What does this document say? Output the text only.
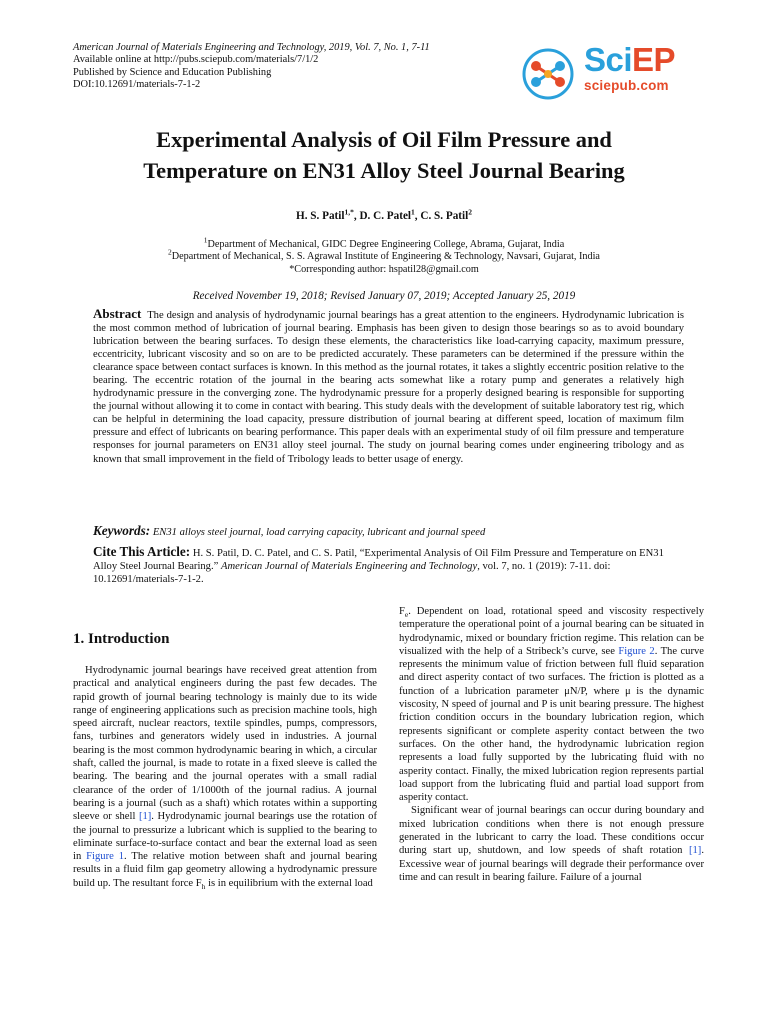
American Journal of Materials Engineering and Technology, 2019, Vol. 7, No. 1, 7-11
Available online at http://pubs.sciepub.com/materials/7/1/2
Published by Science and Education Publishing
DOI:10.12691/materials-7-1-2
SciEP
sciepub.com
Experimental Analysis of Oil Film Pressure and
Temperature on EN31 Alloy Steel Journal Bearing
H. S. Patil$^{1,*}$, D. C. Patel$^1$, C. S. Patil$^2$
$^1$Department of Mechanical, GIDC Degree Engineering College, Abrama, Gujarat, India
$^2$Department of Mechanical, S. S. Agrawal Institute of Engineering & Technology, Navsari, Gujarat, India
*Corresponding author: hspatil28@gmail.com
Received November 19, 2018; Revised January 07, 2019; Accepted January 25, 2019
Abstract The design and analysis of hydrodynamic journal bearings has a great attention to the engineers. Hydrodynamic lubrication is the most common method of lubrication of journal bearing. Emphasis has been given to design those bearings so as to avoid boundary lubrication between the bearing surfaces. To design these elements, the characteristics like load-carrying capacity, maximum pressure, eccentricity, lubricant viscosity and so on are to be predicted accurately. These parameters can be determined if the pressure within the clearance space between contact surfaces is known. In this method as the journal rotates, it takes a slightly eccentric position relative to the bearing. The eccentric rotation of the journal in the bearing acts somewhat like a rotary pump and generates a relatively high hydrodynamic pressure in the converging zone. The hydrodynamic pressure for a properly designed bearing is responsible for supporting the journal without allowing it to come in contact with bearing. This study deals with the development of suitable laboratory test rig, which can be helpful in determining the load capacity, pressure distribution of journal bearing at different speed, location of maximum film pressure and effect of lubricants on bearing performance. This paper deals with an experimental study of oil film pressure and temperature responses for journal parameters on EN31 alloy steel journal. The study on journal bearing comes under engineering tribology and as known that small improvement in the field of Tribology leads to better usage of energy.
Keywords: EN31 alloys steel journal, load carrying capacity, lubricant and journal speed
Cite This Article: H. S. Patil, D. C. Patel, and C. S. Patil, “Experimental Analysis of Oil Film Pressure and Temperature on EN31 Alloy Steel Journal Bearing.” American Journal of Materials Engineering and Technology, vol. 7, no. 1 (2019): 7-11. doi: 10.12691/materials-7-1-2.
1. Introduction

Hydrodynamic journal bearings have received great attention from practical and analytical engineers during the past few decades. The rapid growth of journal bearing technology is mainly due to its wide range of engineering applications such as precision machine tools, high speed aircraft, nuclear reactors, textile spindles, pumps, compressors, fans, turbines and generators widely used in industries. A journal bearing is the most common hydrodynamic bearing in which, a circular shaft, called the journal, is made to rotate in a fixed sleeve is called the bearing. The bearing and the journal operates with a small radial clearance of the order of 1/1000th of the journal radius. A journal bearing is a journal (such as a shaft) which rotates within a supporting sleeve or shell [1]. Hydrodynamic journal bearings use the rotation of the journal to pressurize a lubricant which is supplied to the bearing to eliminate surface-to-surface contact and bear the external load as seen in Figure 1. The relative motion between shaft and journal bearing results in a fluid film gap geometry allowing a hydrodynamic pressure build up. The resultant force $F_h$ is in equilibrium with the external load

$F_e$. Dependent on load, rotational speed and viscosity respectively temperature the operational point of a journal bearing can be situated in hydrodynamic, mixed or boundary friction regime. This relation can be visualized with the help of a Stribeck’s curve, see Figure 2. The curve represents the minimum value of friction between full fluid separation and direct asperity contact of two surfaces. The friction is plotted as a function of a lubrication parameter μN/P, where μ is the dynamic viscosity, N speed of journal and P is unit bearing pressure. The highest friction condition occurs in the boundary lubrication region, which represents significant or complete asperity contact between the two surfaces. On the other hand, the hydrodynamic lubrication region represents a load fully supported by the lubricating fluid with no asperity contact. Finally, the mixed lubrication region represents partial load support from the lubricating fluid and partial load support from asperity contact.

Significant wear of journal bearings can occur during boundary and mixed lubrication conditions when there is not enough pressure generated in the lubricant to carry the load. These conditions occur during start up, shutdown, and low speeds of shaft rotation [1]. Excessive wear of journal bearings will degrade their performance over time and can result in bearing failure. Failure of a journal
